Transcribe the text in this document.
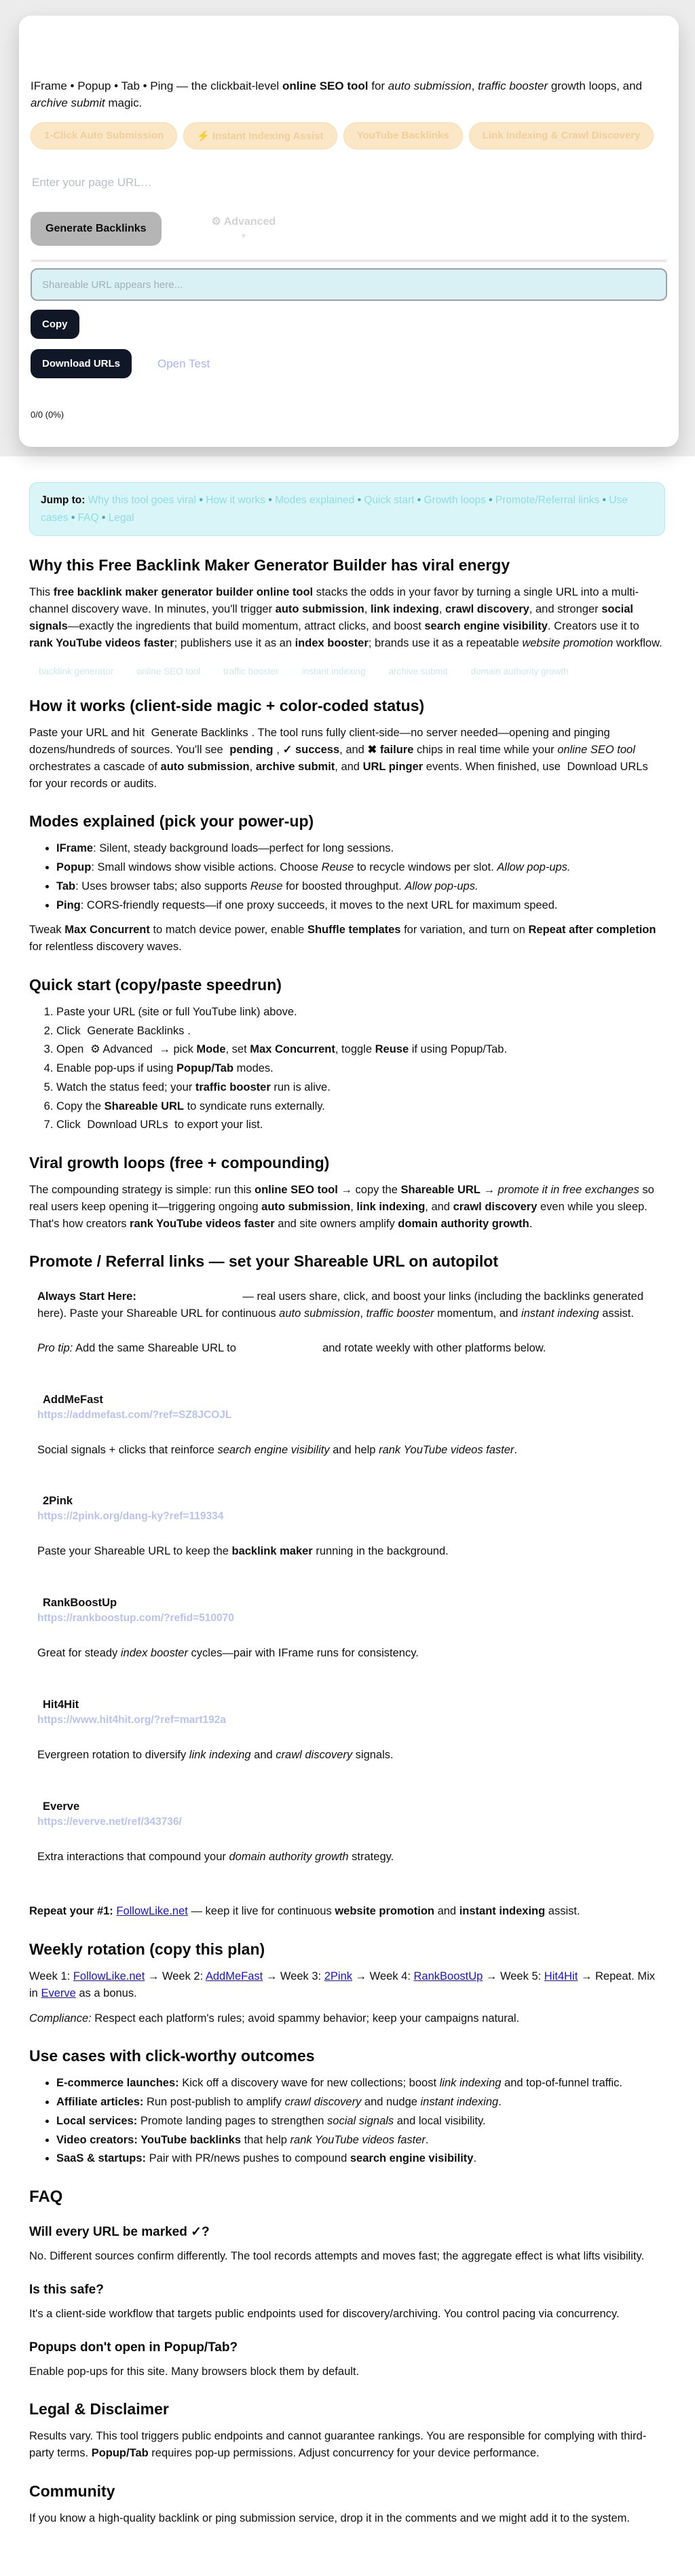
IFrame • Popup • Tab • Ping — the clickbait-level online SEO tool for auto submission, traffic booster growth loops, and archive submit magic.

1-Click Auto Submission	⚡ Instant Indexing Assist	YouTube Backlinks	Link Indexing & Crawl Discovery
Enter your page URL…
Generate Backlinks
⚙ Advanced
▾
Shareable URL appears here...
Copy
Download URLs	Open Test
0/0 (0%)
Jump to: Why this tool goes viral • How it works • Modes explained • Quick start • Growth loops • Promote/Referral links • Use cases • FAQ • Legal
Why this Free Backlink Maker Generator Builder has viral energy

This free backlink maker generator builder online tool stacks the odds in your favor by turning a single URL into a multi-channel discovery wave. In minutes, you'll trigger auto submission, link indexing, crawl discovery, and stronger social signals—exactly the ingredients that build momentum, attract clicks, and boost search engine visibility. Creators use it to rank YouTube videos faster; publishers use it as an index booster; brands use it as a repeatable website promotion workflow.

backlink generator	online SEO tool	traffic booster	instant indexing	archive submit	domain authority growth
How it works (client-side magic + color-coded status)

Paste your URL and hit Generate Backlinks . The tool runs fully client-side—no server needed—opening and pinging dozens/hundreds of sources. You'll see pending , ✓ success, and ✖ failure chips in real time while your online SEO tool orchestrates a cascade of auto submission, archive submit, and URL pinger events. When finished, use Download URLs for your records or audits.

Modes explained (pick your power-up)
• IFrame: Silent, steady background loads—perfect for long sessions.
• Popup: Small windows show visible actions. Choose Reuse to recycle windows per slot. Allow pop-ups.
• Tab: Uses browser tabs; also supports Reuse for boosted throughput. Allow pop-ups.
• Ping: CORS-friendly requests—if one proxy succeeds, it moves to the next URL for maximum speed.

Tweak Max Concurrent to match device power, enable Shuffle templates for variation, and turn on Repeat after completion for relentless discovery waves.

Quick start (copy/paste speedrun)
1. Paste your URL (site or full YouTube link) above.
2. Click Generate Backlinks .
3. Open ⚙ Advanced → pick Mode, set Max Concurrent, toggle Reuse if using Popup/Tab.
4. Enable pop-ups if using Popup/Tab modes.
5. Watch the status feed; your traffic booster run is alive.
6. Copy the Shareable URL to syndicate runs externally.
7. Click Download URLs to export your list.
Viral growth loops (free + compounding)

The compounding strategy is simple: run this online SEO tool → copy the Shareable URL → promote it in free exchanges so real users keep opening it—triggering ongoing auto submission, link indexing, and crawl discovery even while you sleep. That's how creators rank YouTube videos faster and site owners amplify domain authority growth.

Promote / Referral links — set your Shareable URL on autopilot

Always Start Here:	— real users share, click, and boost your links (including the backlinks generated here). Paste your Shareable URL for continuous auto submission, traffic booster momentum, and instant indexing assist.

Pro tip: Add the same Shareable URL to	and rotate weekly with other platforms below.

AddMeFast
https://addmefast.com/?ref=SZ8JCOJL

Social signals + clicks that reinforce search engine visibility and help rank YouTube videos faster.

2Pink
https://2pink.org/dang-ky?ref=119334

Paste your Shareable URL to keep the backlink maker running in the background.

RankBoostUp
https://rankboostup.com/?refid=510070

Great for steady index booster cycles—pair with IFrame runs for consistency.

Hit4Hit
https://www.hit4hit.org/?ref=mart192a

Evergreen rotation to diversify link indexing and crawl discovery signals.

Everve
https://everve.net/ref/343736/

Extra interactions that compound your domain authority growth strategy.

Repeat your #1: FollowLike.net — keep it live for continuous website promotion and instant indexing assist.

Weekly rotation (copy this plan)

Week 1: FollowLike.net → Week 2: AddMeFast → Week 3: 2Pink → Week 4: RankBoostUp → Week 5: Hit4Hit → Repeat. Mix in Everve as a bonus.

Compliance: Respect each platform's rules; avoid spammy behavior; keep your campaigns natural.

Use cases with click-worthy outcomes
• E-commerce launches: Kick off a discovery wave for new collections; boost link indexing and top-of-funnel traffic.
• Affiliate articles: Run post-publish to amplify crawl discovery and nudge instant indexing.
• Local services: Promote landing pages to strengthen social signals and local visibility.
• Video creators: YouTube backlinks that help rank YouTube videos faster.
• SaaS & startups: Pair with PR/news pushes to compound search engine visibility.
FAQ
Will every URL be marked ✓?

No. Different sources confirm differently. The tool records attempts and moves fast; the aggregate effect is what lifts visibility.

Is this safe?

It's a client-side workflow that targets public endpoints used for discovery/archiving. You control pacing via concurrency.

Popups don't open in Popup/Tab?

Enable pop-ups for this site. Many browsers block them by default.

Legal & Disclaimer

Results vary. This tool triggers public endpoints and cannot guarantee rankings. You are responsible for complying with third-party terms. Popup/Tab requires pop-up permissions. Adjust concurrency for your device performance.

Community

If you know a high-quality backlink or ping submission service, drop it in the comments and we might add it to the system.
